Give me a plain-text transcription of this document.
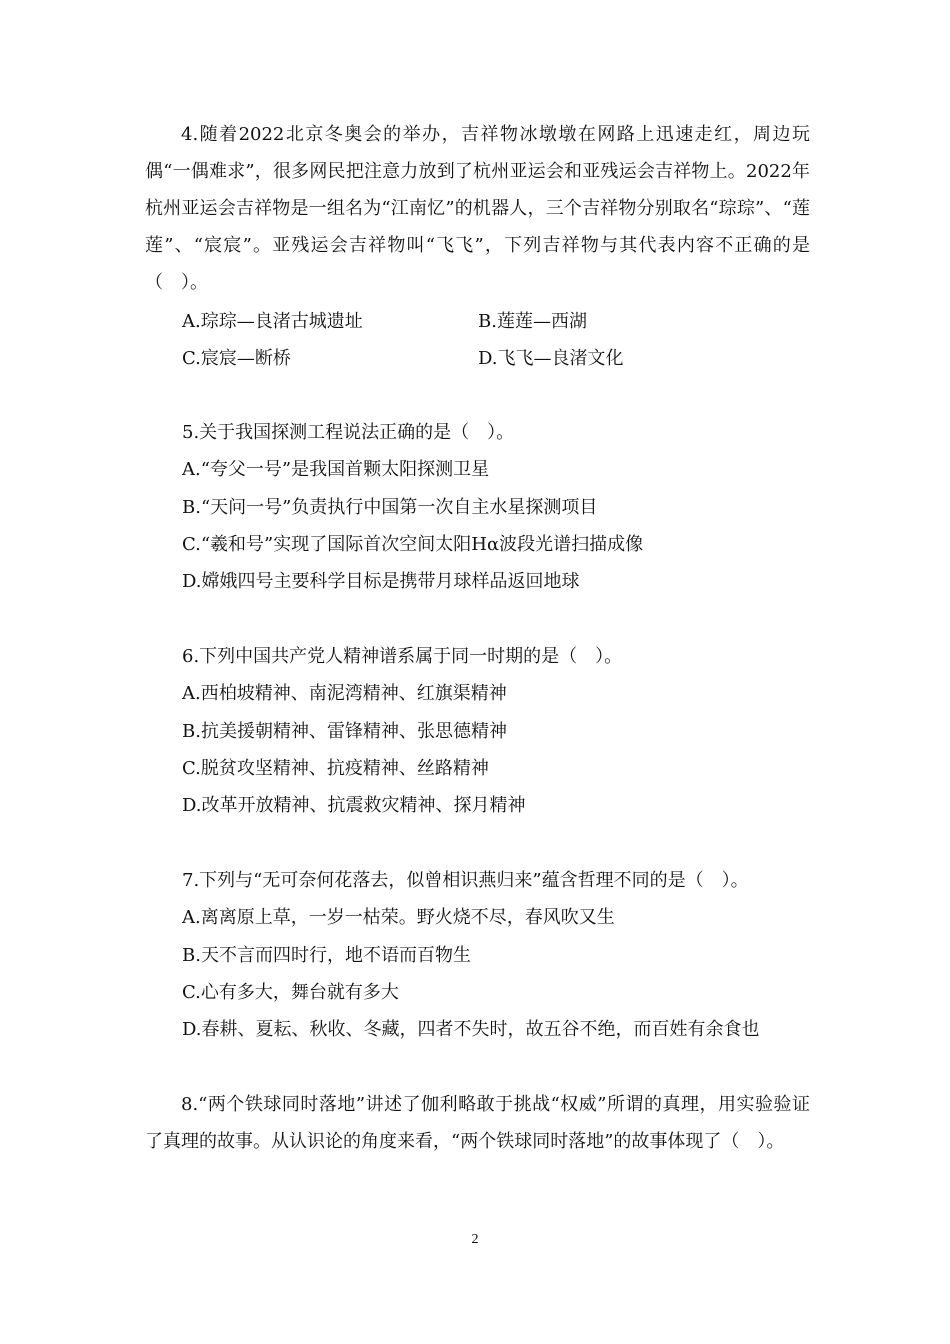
4.随着2022北京冬奥会的举办，吉祥物冰墩墩在网路上迅速走红，周边玩偶“一偶难求”，很多网民把注意力放到了杭州亚运会和亚残运会吉祥物上。2022年杭州亚运会吉祥物是一组名为“江南忆”的机器人，三个吉祥物分别取名“琮琮”、“莲莲”、“宸宸”。亚残运会吉祥物叫“飞飞”，下列吉祥物与其代表内容不正确的是（　）。

A.琮琮—良渚古城遗址	B.莲莲—西湖

C.宸宸—断桥	D.飞飞—良渚文化

5.关于我国探测工程说法正确的是（　）。

A.“夸父一号”是我国首颗太阳探测卫星

B.“天问一号”负责执行中国第一次自主水星探测项目

C.“羲和号”实现了国际首次空间太阳Hα波段光谱扫描成像

D.嫦娥四号主要科学目标是携带月球样品返回地球

6.下列中国共产党人精神谱系属于同一时期的是（　）。

A.西柏坡精神、南泥湾精神、红旗渠精神

B.抗美援朝精神、雷锋精神、张思德精神

C.脱贫攻坚精神、抗疫精神、丝路精神

D.改革开放精神、抗震救灾精神、探月精神

7.下列与“无可奈何花落去，似曾相识燕归来”蕴含哲理不同的是（　）。

A.离离原上草，一岁一枯荣。野火烧不尽，春风吹又生

B.天不言而四时行，地不语而百物生

C.心有多大，舞台就有多大

D.春耕、夏耘、秋收、冬藏，四者不失时，故五谷不绝，而百姓有余食也

8.“两个铁球同时落地”讲述了伽利略敢于挑战“权威”所谓的真理，用实验验证了真理的故事。从认识论的角度来看，“两个铁球同时落地”的故事体现了（　）。

2
